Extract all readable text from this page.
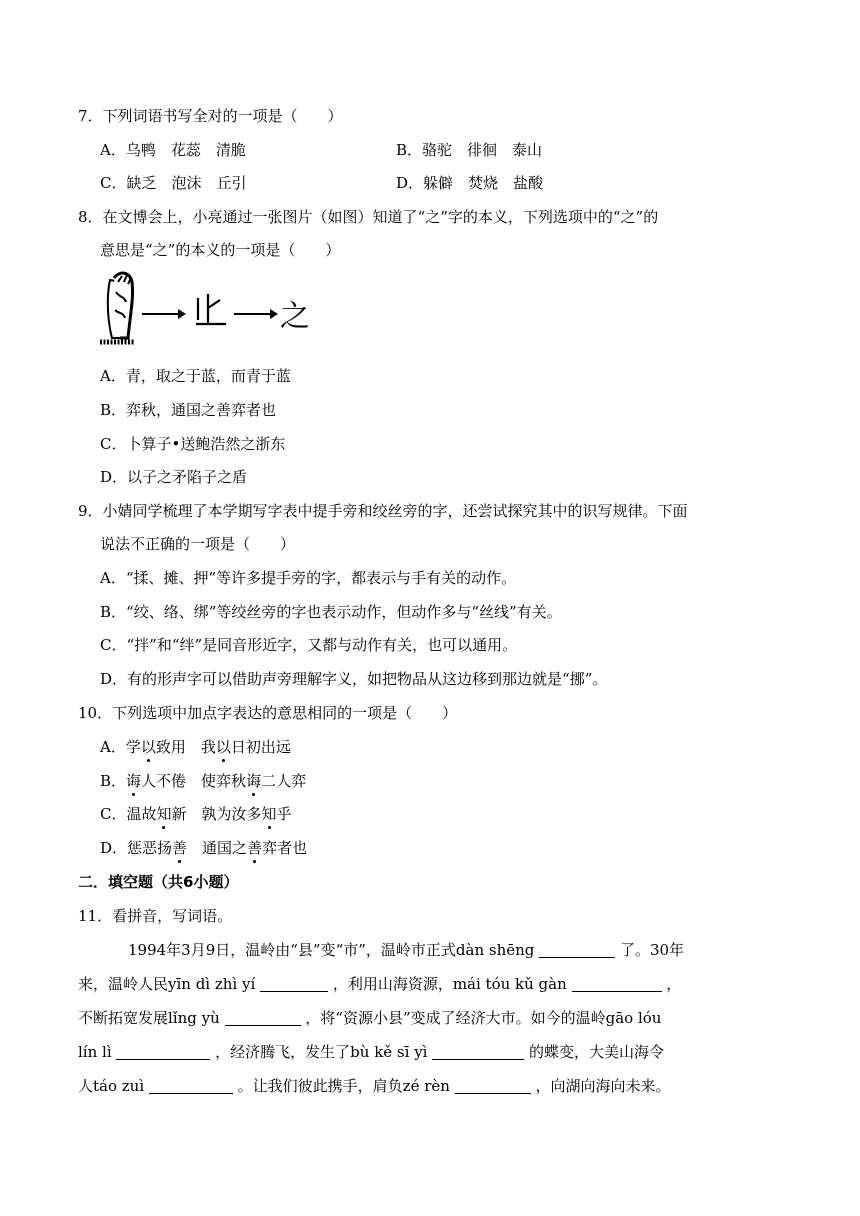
7．下列词语书写全对的一项是（　　）
A．乌鸭　花蕊　清脆	B．骆驼　徘徊　泰山
C．缺乏　泡沫　丘引	D．躲僻　焚烧　盐酸
8．在文博会上，小亮通过一张图片（如图）知道了“之”字的本义，下列选项中的“之”的
意思是“之”的本义的一项是（　　）
之
A．青，取之于蓝，而青于蓝
B．弈秋，通国之善弈者也
C．卜算子•送鲍浩然之浙东
D．以子之矛陷子之盾
9．小婧同学梳理了本学期写字表中提手旁和绞丝旁的字，还尝试探究其中的识写规律。下面
说法不正确的一项是（　　）
A．“揉、摊、押”等许多提手旁的字，都表示与手有关的动作。
B．“绞、络、绑”等绞丝旁的字也表示动作，但动作多与“丝线”有关。
C．“拌”和“绊”是同音形近字，又都与动作有关，也可以通用。
D．有的形声字可以借助声旁理解字义，如把物品从这边移到那边就是“挪”。
10．下列选项中加点字表达的意思相同的一项是（　　）
A．学以致用　我以日初出远
B．诲人不倦　使弈秋诲二人弈
C．温故知新　孰为汝多知乎
D．惩恶扬善　通国之善弈者也
二．填空题（共6小题）
11．看拼音，写词语。
1994年3月9日，温岭由“县”变“市”，温岭市正式dàn shēng	了。30年
来，温岭人民yīn dì zhì yí	，利用山海资源，mái tóu kǔ gàn	，
不断拓宽发展lǐng yù	，将“资源小县”变成了经济大市。如今的温岭gāo lóu
lín lì	，经济腾飞，发生了bù kě sī yì	的蝶变，大美山海令
人táo zuì	。让我们彼此携手，肩负zé rèn	，向湖向海向未来。
